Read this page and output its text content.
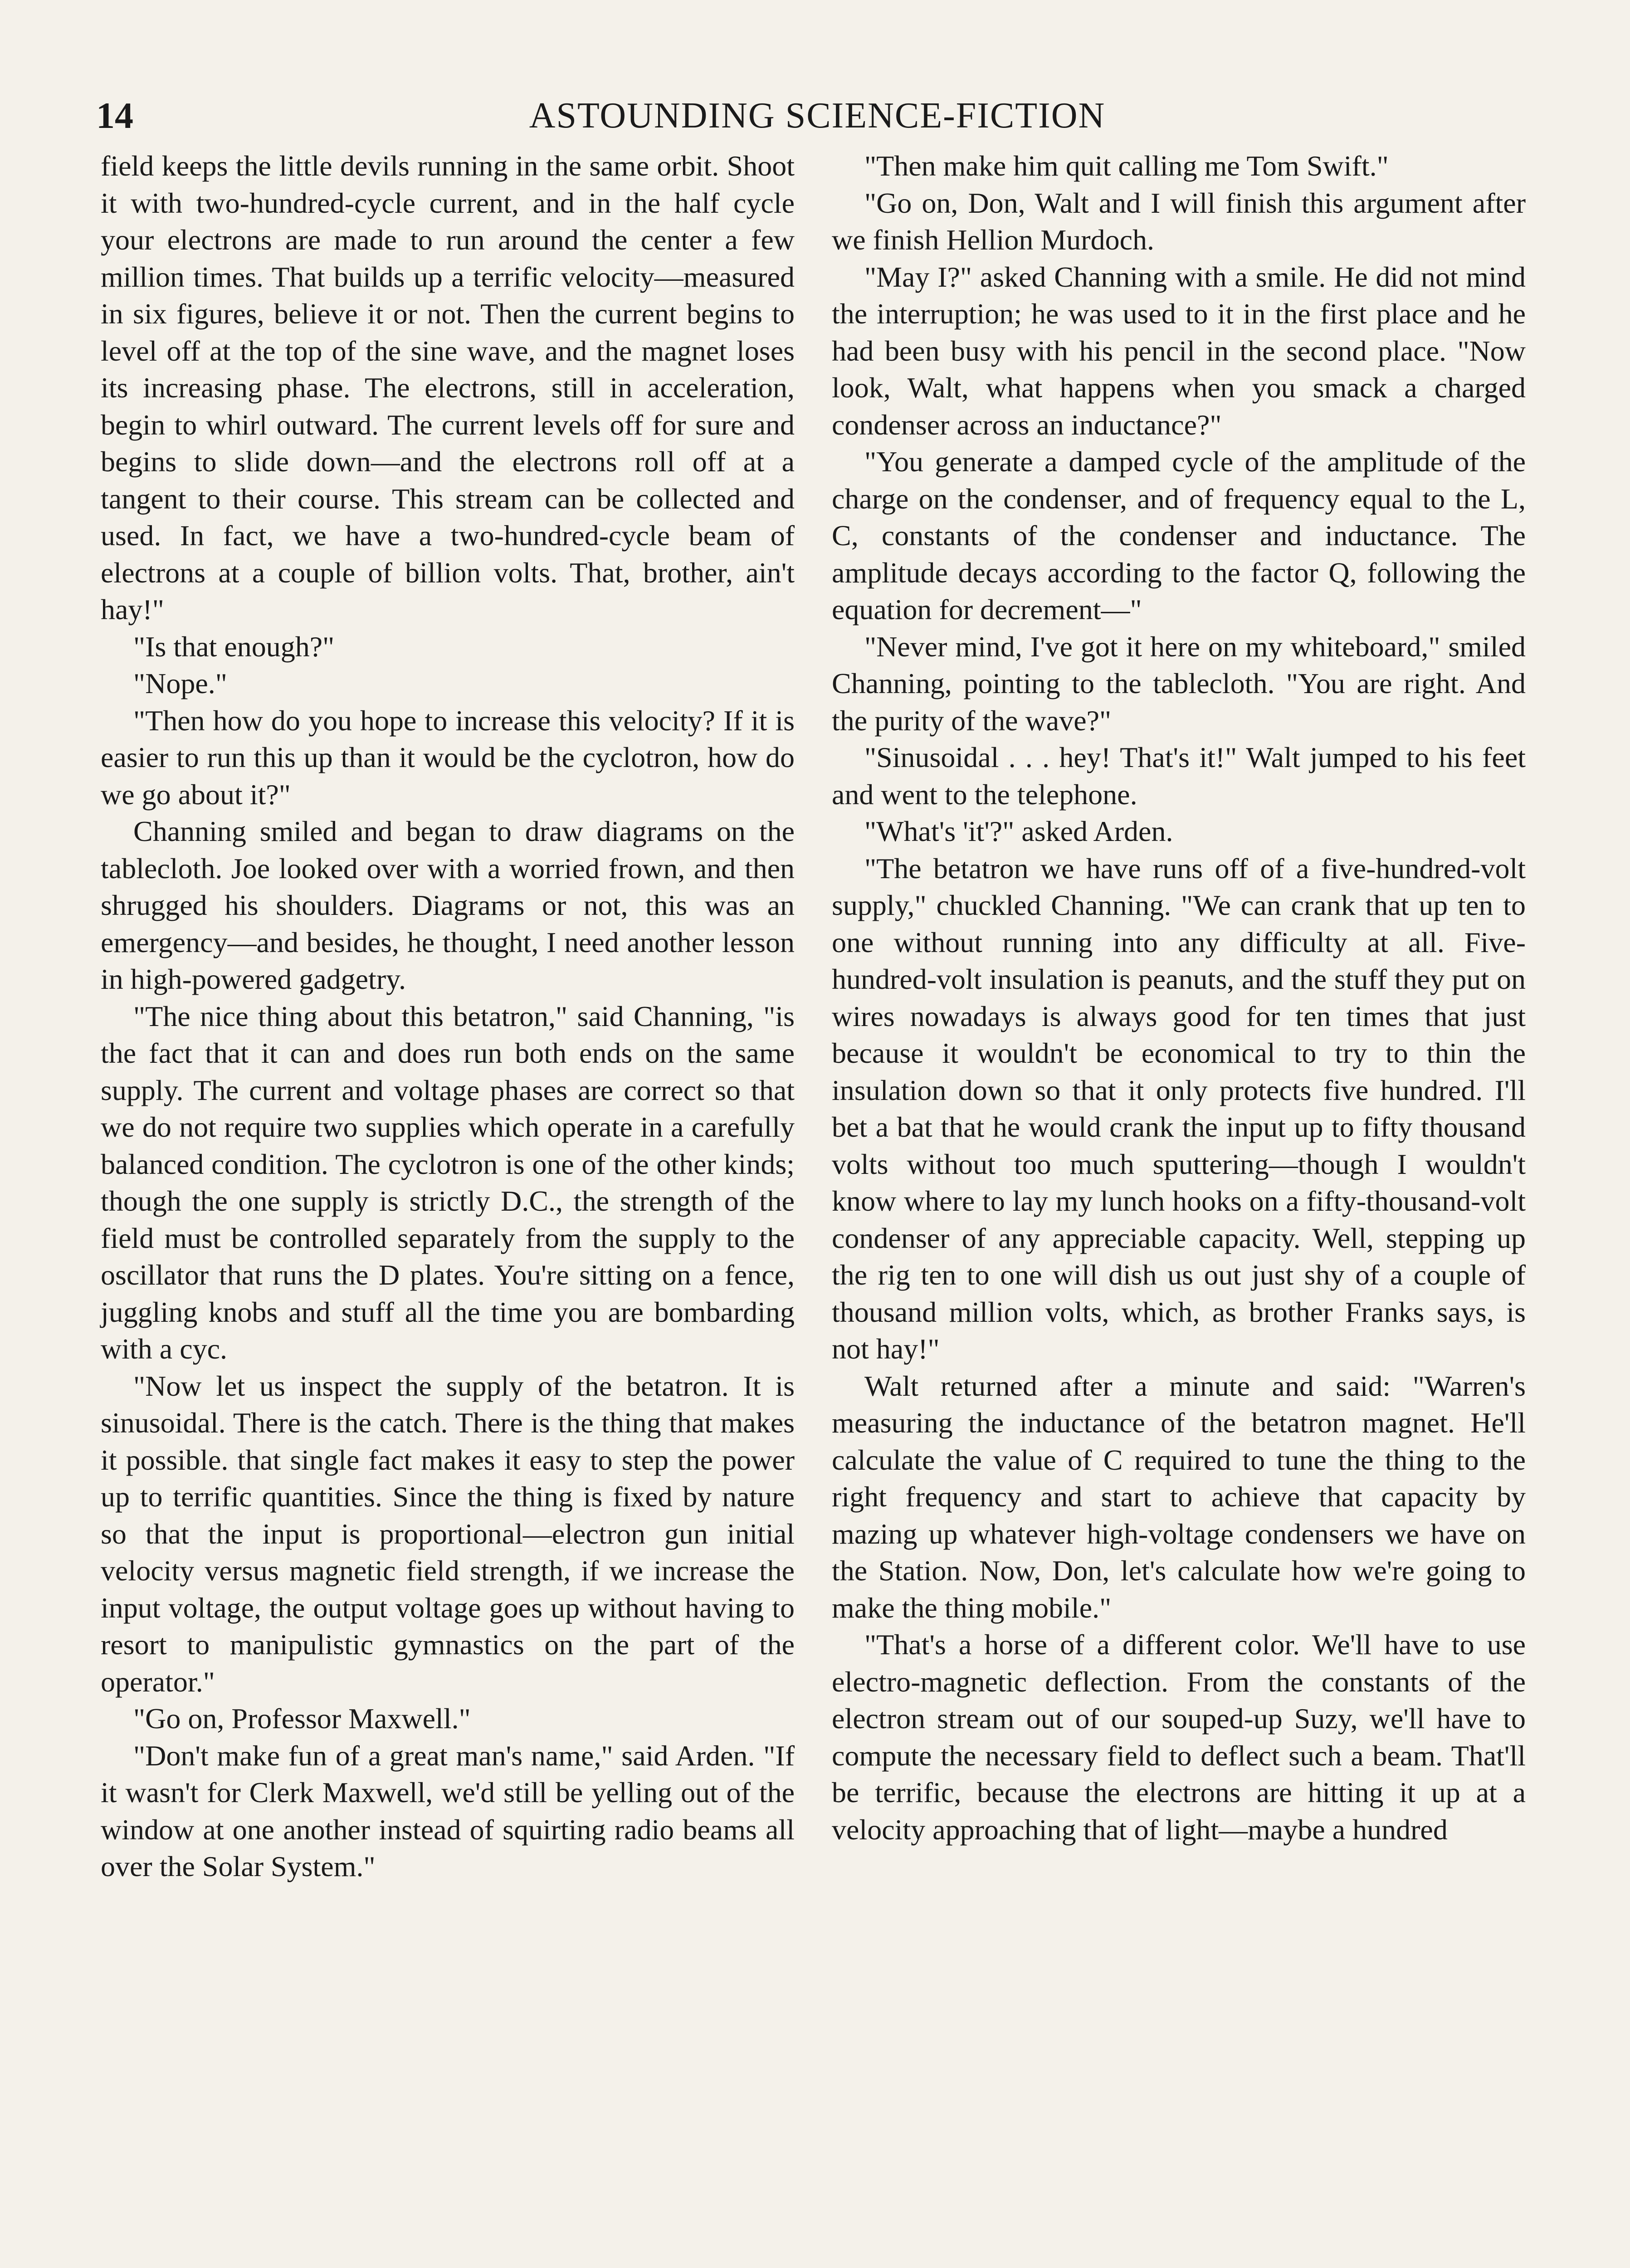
14	ASTOUNDING SCIENCE-FICTION

field keeps the little devils running in the same orbit. Shoot it with two-hundred-cycle current, and in the half cycle your electrons are made to run around the center a few million times. That builds up a terrific velocity—measured in six figures, believe it or not. Then the current begins to level off at the top of the sine wave, and the magnet loses its increasing phase. The electrons, still in acceleration, begin to whirl outward. The current levels off for sure and begins to slide down—and the electrons roll off at a tangent to their course. This stream can be collected and used. In fact, we have a two-hundred-cycle beam of electrons at a couple of billion volts. That, brother, ain't hay!"

"Is that enough?"

"Nope."

"Then how do you hope to increase this velocity? If it is easier to run this up than it would be the cyclotron, how do we go about it?"

Channing smiled and began to draw diagrams on the tablecloth. Joe looked over with a worried frown, and then shrugged his shoulders. Diagrams or not, this was an emergency—and besides, he thought, I need another lesson in high-powered gadgetry.

"The nice thing about this betatron," said Channing, "is the fact that it can and does run both ends on the same supply. The current and voltage phases are correct so that we do not require two supplies which operate in a carefully balanced condition. The cyclotron is one of the other kinds; though the one supply is strictly D.C., the strength of the field must be controlled separately from the supply to the oscillator that runs the D plates. You're sitting on a fence, juggling knobs and stuff all the time you are bombarding with a cyc.

"Now let us inspect the supply of the betatron. It is sinusoidal. There is the catch. There is the thing that makes it possible. that single fact makes it easy to step the power up to terrific quantities. Since the thing is fixed by nature so that the input is proportional—electron gun initial velocity versus magnetic field strength, if we increase the input voltage, the output voltage goes up without having to resort to manipulistic gymnastics on the part of the operator."

"Go on, Professor Maxwell."

"Don't make fun of a great man's name," said Arden. "If it wasn't for Clerk Maxwell, we'd still be yelling out of the window at one another instead of squirting radio beams all over the Solar System."

"Then make him quit calling me Tom Swift."

"Go on, Don, Walt and I will finish this argument after we finish Hellion Murdoch.

"May I?" asked Channing with a smile. He did not mind the interruption; he was used to it in the first place and he had been busy with his pencil in the second place. "Now look, Walt, what happens when you smack a charged condenser across an inductance?"

"You generate a damped cycle of the amplitude of the charge on the condenser, and of frequency equal to the L, C, constants of the condenser and inductance. The amplitude decays according to the factor Q, following the equation for decrement—"

"Never mind, I've got it here on my whiteboard," smiled Channing, pointing to the tablecloth. "You are right. And the purity of the wave?"

"Sinusoidal . . . hey! That's it!" Walt jumped to his feet and went to the telephone.

"What's 'it'?" asked Arden.

"The betatron we have runs off of a five-hundred-volt supply," chuckled Channing. "We can crank that up ten to one without running into any difficulty at all. Five-hundred-volt insulation is peanuts, and the stuff they put on wires nowadays is always good for ten times that just because it wouldn't be economical to try to thin the insulation down so that it only protects five hundred. I'll bet a bat that he would crank the input up to fifty thousand volts without too much sputtering—though I wouldn't know where to lay my lunch hooks on a fifty-thousand-volt condenser of any appreciable capacity. Well, stepping up the rig ten to one will dish us out just shy of a couple of thousand million volts, which, as brother Franks says, is not hay!"

Walt returned after a minute and said: "Warren's measuring the inductance of the betatron magnet. He'll calculate the value of C required to tune the thing to the right frequency and start to achieve that capacity by mazing up whatever high-voltage condensers we have on the Station. Now, Don, let's calculate how we're going to make the thing mobile."

"That's a horse of a different color. We'll have to use electro-magnetic deflection. From the constants of the electron stream out of our souped-up Suzy, we'll have to compute the necessary field to deflect such a beam. That'll be terrific, because the electrons are hitting it up at a velocity approaching that of light—maybe a hundred
